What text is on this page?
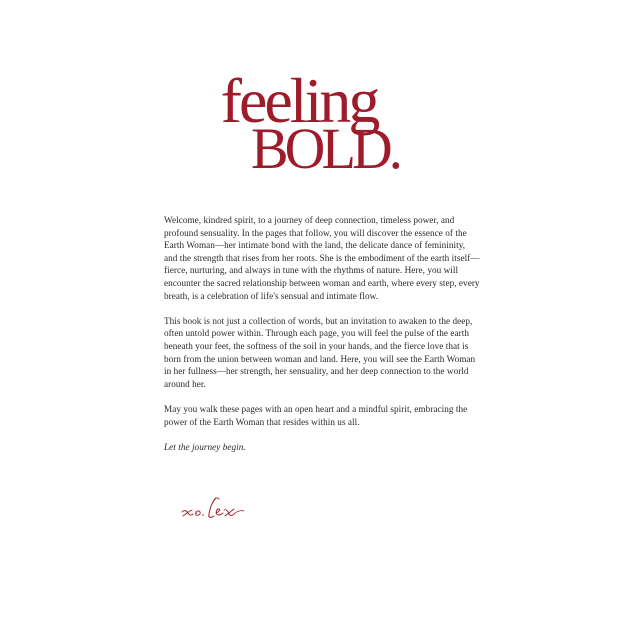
feeling
BOLD.

Welcome, kindred spirit, to a journey of deep connection, timeless power, and profound sensuality. In the pages that follow, you will discover the essence of the Earth Woman—her intimate bond with the land, the delicate dance of femininity, and the strength that rises from her roots. She is the embodiment of the earth itself—fierce, nurturing, and always in tune with the rhythms of nature. Here, you will encounter the sacred relationship between woman and earth, where every step, every breath, is a celebration of life's sensual and intimate flow.

This book is not just a collection of words, but an invitation to awaken to the deep, often untold power within. Through each page, you will feel the pulse of the earth beneath your feet, the softness of the soil in your hands, and the fierce love that is born from the union between woman and land. Here, you will see the Earth Woman in her fullness—her strength, her sensuality, and her deep connection to the world around her.

May you walk these pages with an open heart and a mindful spirit, embracing the power of the Earth Woman that resides within us all.

Let the journey begin.
